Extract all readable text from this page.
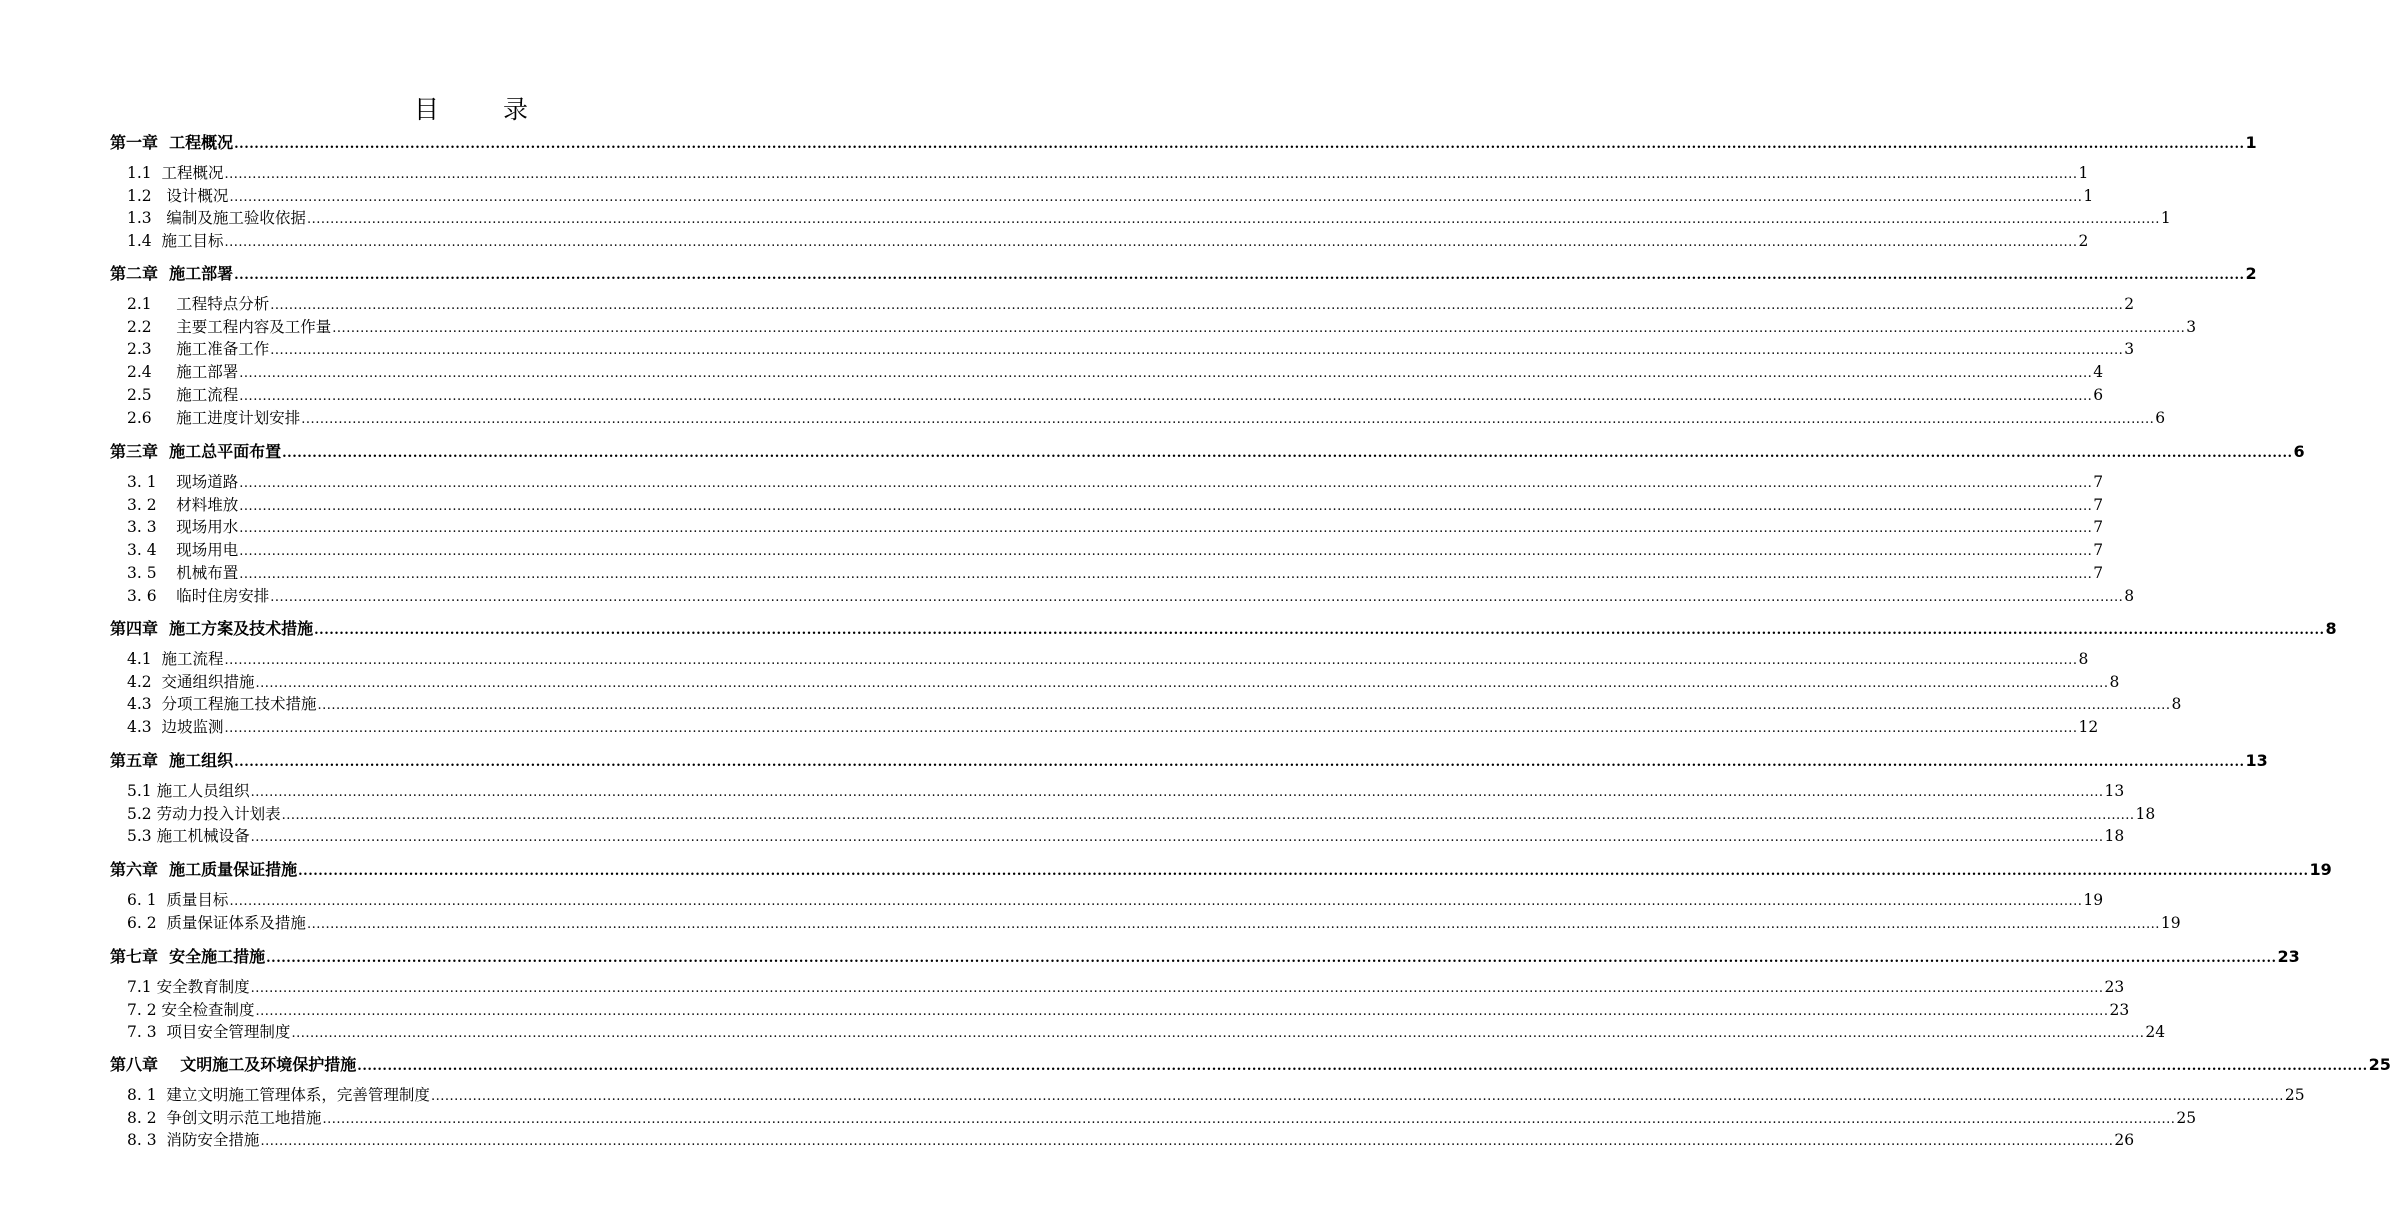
目 录
第一章  工程概况 ................................................................................................................................................................................................................................................................................................................................................................................................................ 1
1.1  工程概况 ................................................................................................................................................................................................................................................................................................................................................................................................................ 1
1.2   设计概况 ................................................................................................................................................................................................................................................................................................................................................................................................................ 1
1.3   编制及施工验收依据 ................................................................................................................................................................................................................................................................................................................................................................................................................ 1
1.4  施工目标 ................................................................................................................................................................................................................................................................................................................................................................................................................ 2
第二章  施工部署 ................................................................................................................................................................................................................................................................................................................................................................................................................ 2
2.1     工程特点分析 ................................................................................................................................................................................................................................................................................................................................................................................................................ 2
2.2     主要工程内容及工作量 ................................................................................................................................................................................................................................................................................................................................................................................................................ 3
2.3     施工准备工作 ................................................................................................................................................................................................................................................................................................................................................................................................................ 3
2.4     施工部署 ................................................................................................................................................................................................................................................................................................................................................................................................................ 4
2.5     施工流程 ................................................................................................................................................................................................................................................................................................................................................................................................................ 6
2.6     施工进度计划安排 ................................................................................................................................................................................................................................................................................................................................................................................................................ 6
第三章  施工总平面布置 ................................................................................................................................................................................................................................................................................................................................................................................................................ 6
3. 1    现场道路 ................................................................................................................................................................................................................................................................................................................................................................................................................ 7
3. 2    材料堆放 ................................................................................................................................................................................................................................................................................................................................................................................................................ 7
3. 3    现场用水 ................................................................................................................................................................................................................................................................................................................................................................................................................ 7
3. 4    现场用电 ................................................................................................................................................................................................................................................................................................................................................................................................................ 7
3. 5    机械布置 ................................................................................................................................................................................................................................................................................................................................................................................................................ 7
3. 6    临时住房安排 ................................................................................................................................................................................................................................................................................................................................................................................................................ 8
第四章  施工方案及技术措施 ................................................................................................................................................................................................................................................................................................................................................................................................................ 8
4.1  施工流程 ................................................................................................................................................................................................................................................................................................................................................................................................................ 8
4.2  交通组织措施 ................................................................................................................................................................................................................................................................................................................................................................................................................ 8
4.3  分项工程施工技术措施 ................................................................................................................................................................................................................................................................................................................................................................................................................ 8
4.3  边坡监测 ................................................................................................................................................................................................................................................................................................................................................................................................................ 12
第五章  施工组织 ................................................................................................................................................................................................................................................................................................................................................................................................................ 13
5.1 施工人员组织 ................................................................................................................................................................................................................................................................................................................................................................................................................ 13
5.2 劳动力投入计划表 ................................................................................................................................................................................................................................................................................................................................................................................................................ 18
5.3 施工机械设备 ................................................................................................................................................................................................................................................................................................................................................................................................................ 18
第六章  施工质量保证措施 ................................................................................................................................................................................................................................................................................................................................................................................................................ 19
6. 1  质量目标 ................................................................................................................................................................................................................................................................................................................................................................................................................ 19
6. 2  质量保证体系及措施 ................................................................................................................................................................................................................................................................................................................................................................................................................ 19
第七章  安全施工措施 ................................................................................................................................................................................................................................................................................................................................................................................................................ 23
7.1 安全教育制度 ................................................................................................................................................................................................................................................................................................................................................................................................................ 23
7. 2 安全检查制度 ................................................................................................................................................................................................................................................................................................................................................................................................................ 23
7. 3  项目安全管理制度 ................................................................................................................................................................................................................................................................................................................................................................................................................ 24
第八章    文明施工及环境保护措施 ................................................................................................................................................................................................................................................................................................................................................................................................................ 25
8. 1  建立文明施工管理体系，完善管理制度 ................................................................................................................................................................................................................................................................................................................................................................................................................ 25
8. 2  争创文明示范工地措施 ................................................................................................................................................................................................................................................................................................................................................................................................................ 25
8. 3  消防安全措施 ................................................................................................................................................................................................................................................................................................................................................................................................................ 26
